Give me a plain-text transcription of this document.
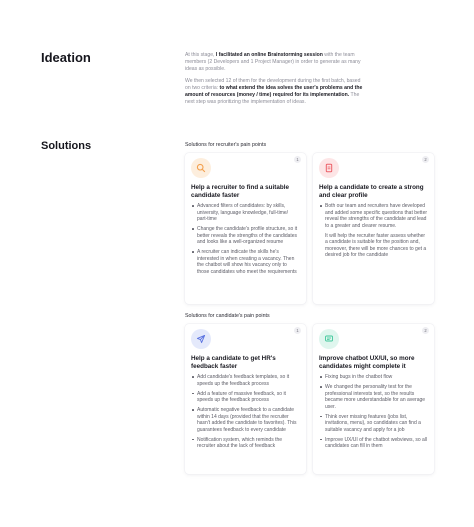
Ideation	At this stage, I facilitated an online Brainstorming session with the team members (2 Developers and 1 Project Manager) in order to generate as many ideas as possible.

We then selected 12 of them for the development during the first batch, based on two criteria: to what extend the idea solves the user's problems and the amount of resources (money / time) required for its implementation. The next step was prioritizing the implementation of ideas.

Solutions	Solutions for recruiter's pain points
1
Help a recruiter to find a suitable candidate faster
Advanced filters of candidates: by skills, university, language knowledge, full-time/ part-time
Change the candidate's profile structure, so it better reveals the strengths of the candidates and looks like a well-organized resume
A recruiter can indicate the skills he's interested in when creating a vacancy. Then the chatbot will show his vacancy only to those candidates who meet the requirements
2
Help a candidate to create a strong and clear profile
Both our team and recruiters have developed and added some specific questions that better reveal the strengths of the candidate and lead to a greater and clearer resume.
It will help the recruiter faster assess whether a candidate is suitable for the position and, moreover, there will be more chances to get a desired job for the candidate
Solutions for candidate's pain points
1
Help a candidate to get HR's feedback faster
Add candidate's feedback templates, so it speeds up the feedback process
Add a feature of massive feedback, so it speeds up the feedback process
Automatic negative feedback to a candidate within 14 days (provided that the recruiter hasn't added the candidate to favorites). This guarantees feedback to every candidate
Notification system, which reminds the recruiter about the lack of feedback
2
Improve chatbot UX/UI, so more candidates might complete it
Fixing bugs in the chatbot flow
We changed the personality test for the professional interests test, so the results became more understandable for an average user.
Think over missing features (jobs list, invitations, menu), so candidates can find a suitable vacancy and apply for a job
Improve UX/UI of the chatbot webviews, so all candidates can fill in them
